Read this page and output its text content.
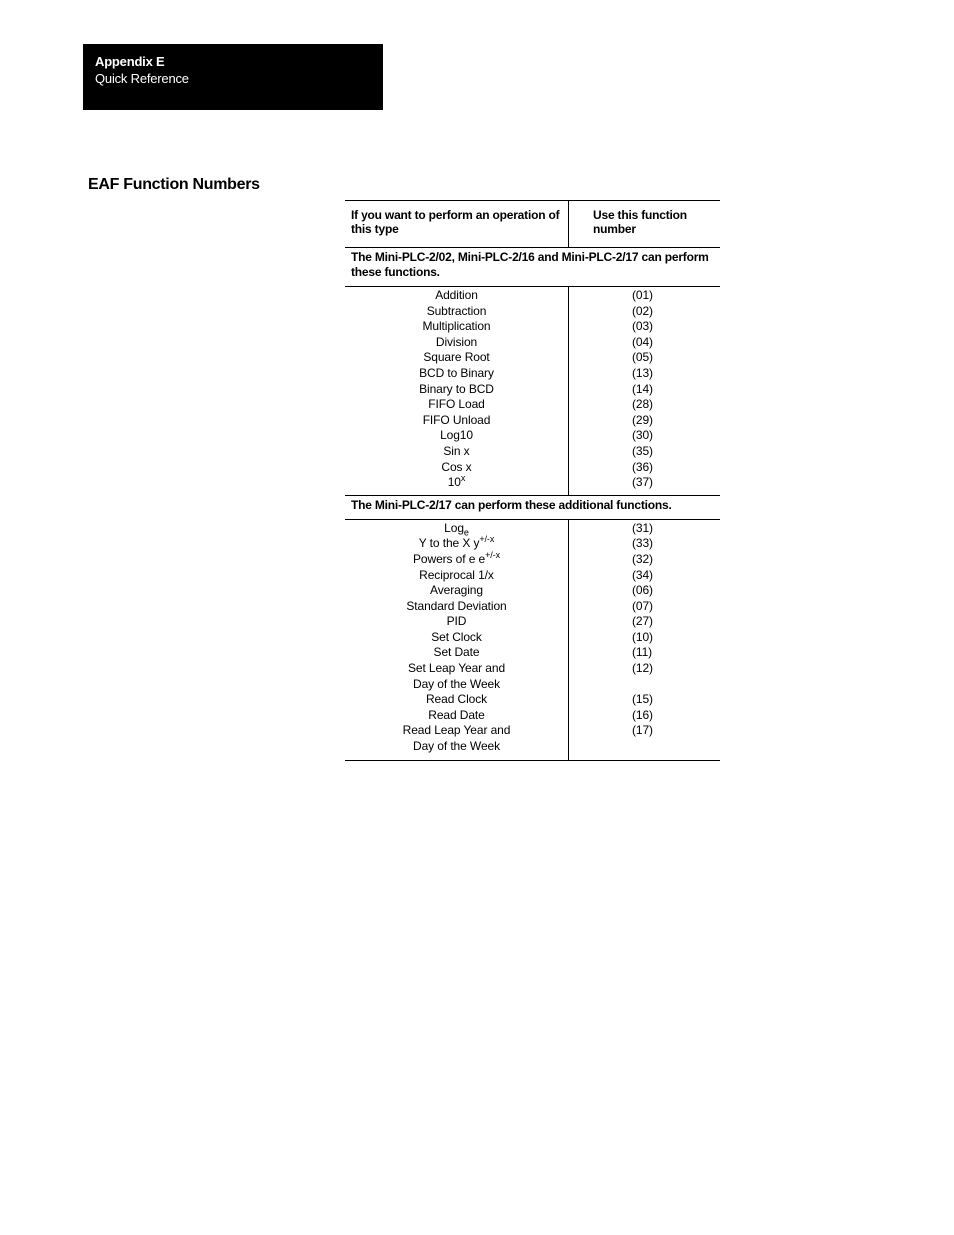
Appendix E
Quick Reference
EAF Function Numbers
If you want to perform an operation of this type
Use this function number
The Mini-PLC-2/02, Mini-PLC-2/16 and Mini-PLC-2/17 can perform these functions.
Addition
Subtraction
Multiplication
Division
Square Root
BCD to Binary
Binary to BCD
FIFO Load
FIFO Unload
Log10
Sin x
Cos x
10$^x$
(01)
(02)
(03)
(04)
(05)
(13)
(14)
(28)
(29)
(30)
(35)
(36)
(37)
The Mini-PLC-2/17 can perform these additional functions.
Log$_e$
Y to the X $y^{+/-x}$
Powers of e $e^{+/-x}$
Reciprocal 1/x
Averaging
Standard Deviation
PID
Set Clock
Set Date
Set Leap Year and
Day of the Week
Read Clock
Read Date
Read Leap Year and
Day of the Week
(31)
(33)
(32)
(34)
(06)
(07)
(27)
(10)
(11)
(12)
(15)
(16)
(17)
